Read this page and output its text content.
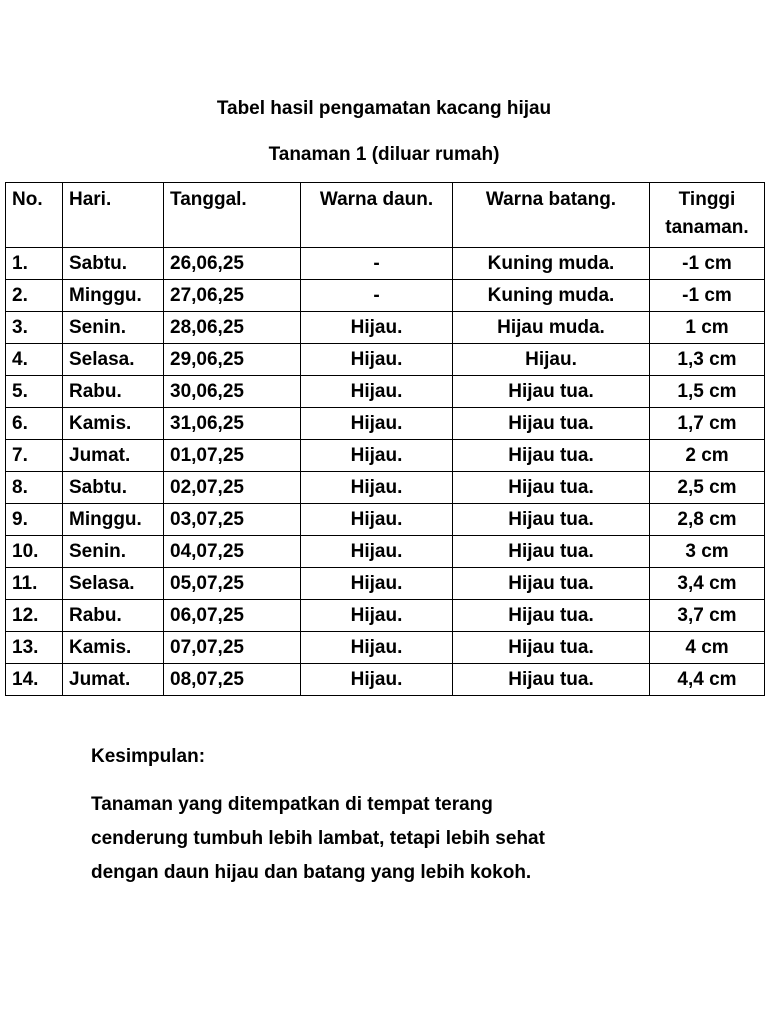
Tabel hasil pengamatan kacang hijau
Tanaman 1 (diluar rumah)
No.	Hari.	Tanggal.	Warna daun.	Warna batang.	Tinggi tanaman.
1.	Sabtu.	26,06,25	-	Kuning muda.	-1 cm
2.	Minggu.	27,06,25	-	Kuning muda.	-1 cm
3.	Senin.	28,06,25	Hijau.	Hijau muda.	1 cm
4.	Selasa.	29,06,25	Hijau.	Hijau.	1,3 cm
5.	Rabu.	30,06,25	Hijau.	Hijau tua.	1,5 cm
6.	Kamis.	31,06,25	Hijau.	Hijau tua.	1,7 cm
7.	Jumat.	01,07,25	Hijau.	Hijau tua.	2 cm
8.	Sabtu.	02,07,25	Hijau.	Hijau tua.	2,5 cm
9.	Minggu.	03,07,25	Hijau.	Hijau tua.	2,8 cm
10.	Senin.	04,07,25	Hijau.	Hijau tua.	3 cm
11.	Selasa.	05,07,25	Hijau.	Hijau tua.	3,4 cm
12.	Rabu.	06,07,25	Hijau.	Hijau tua.	3,7 cm
13.	Kamis.	07,07,25	Hijau.	Hijau tua.	4 cm
14.	Jumat.	08,07,25	Hijau.	Hijau tua.	4,4 cm
Kesimpulan:
Tanaman yang ditempatkan di tempat terang
cenderung tumbuh lebih lambat, tetapi lebih sehat
dengan daun hijau dan batang yang lebih kokoh.
